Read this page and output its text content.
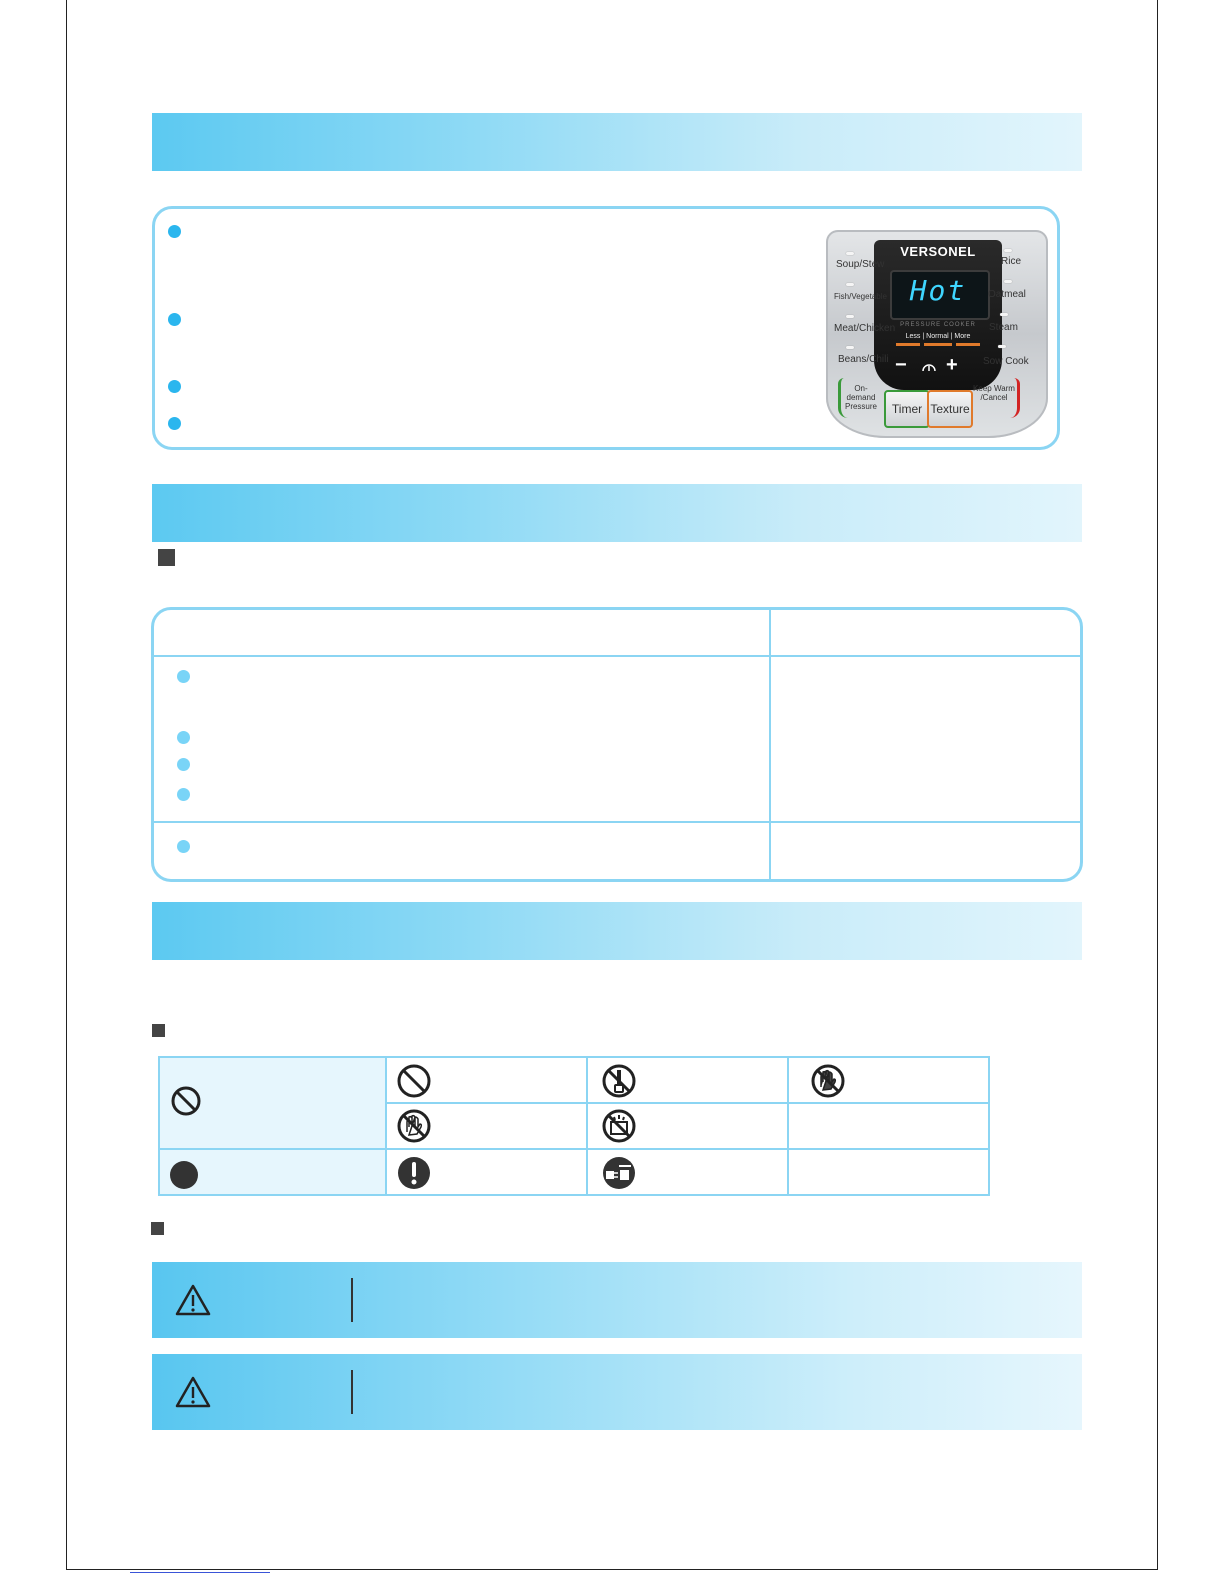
VERSONEL
Hot
PRESSURE COOKER
Less | Normal | More
− +
Soup/Stew
Fish/Vegetable
Meat/Chicken
Beans/Chili
Rice
Oatmeal
Steam
Sow Cook
On-demand Pressure	Timer Texture
Keep Warm /Cancel
